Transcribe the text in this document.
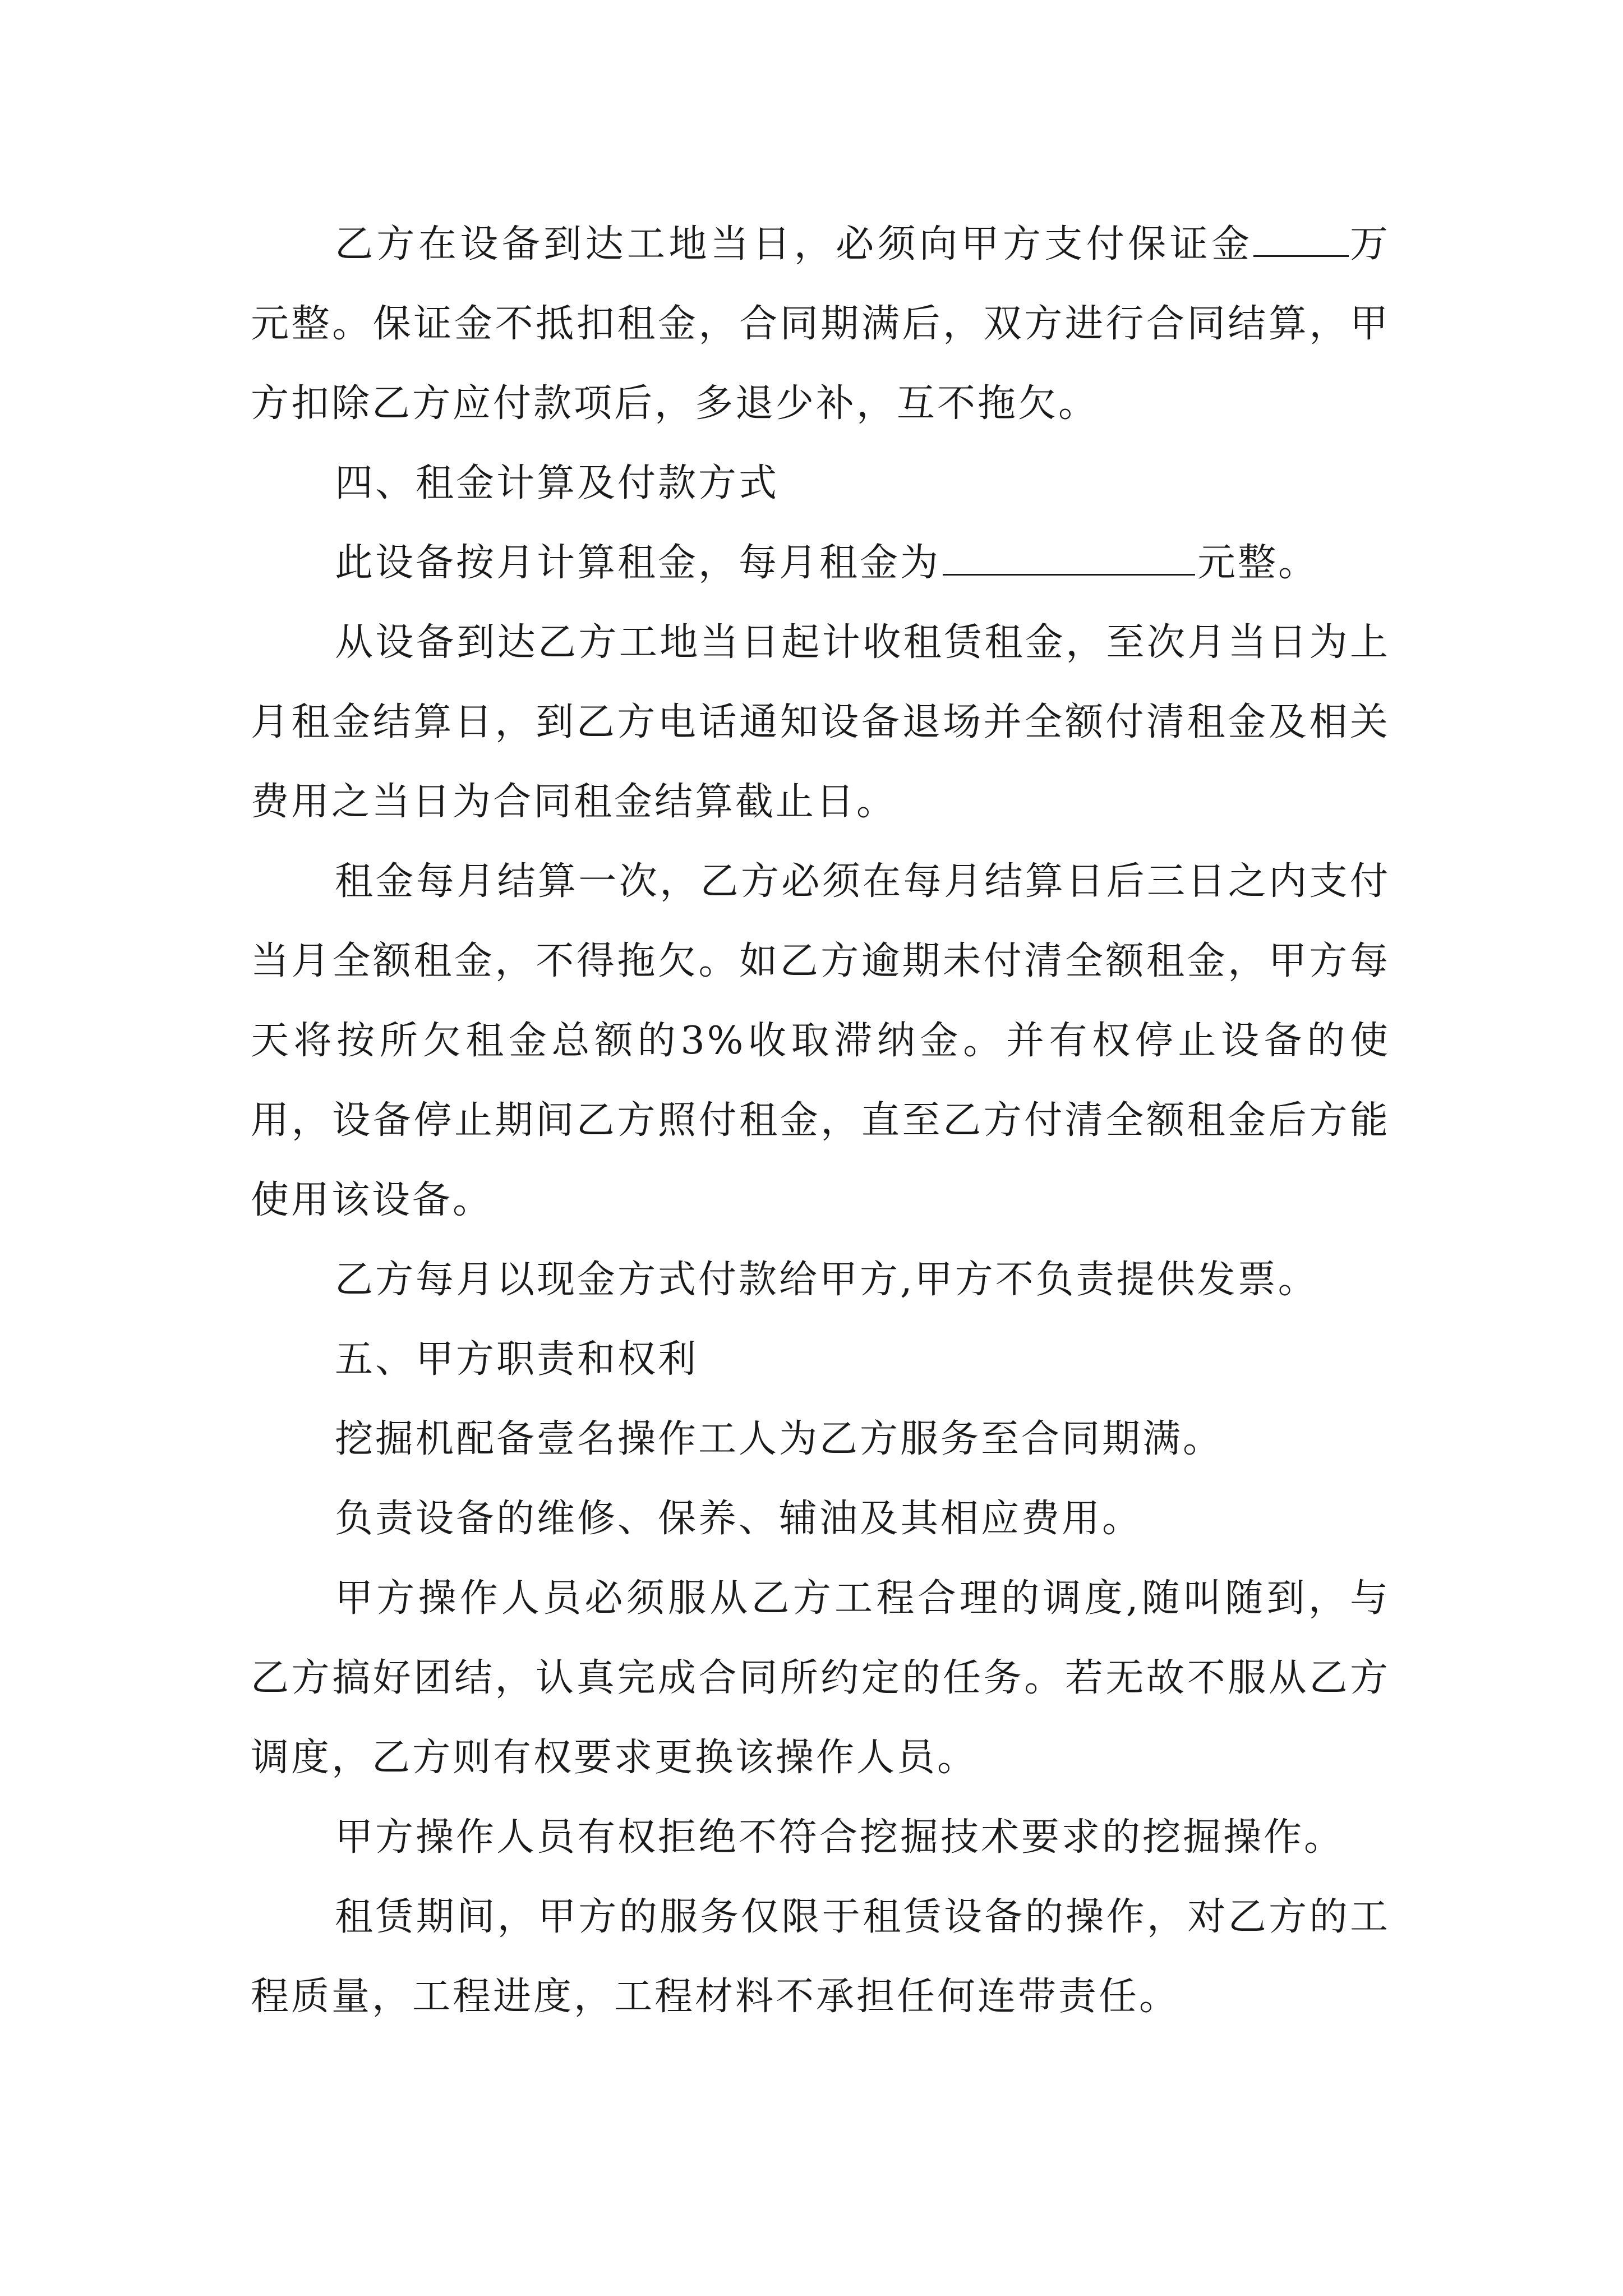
乙方在设备到达工地当日，必须向甲方支付保证金	万元整。保证金不抵扣租金，合同期满后，双方进行合同结算，甲方扣除乙方应付款项后，多退少补，互不拖欠。

四、租金计算及付款方式

此设备按月计算租金，每月租金为	元整。

从设备到达乙方工地当日起计收租赁租金，至次月当日为上月租金结算日，到乙方电话通知设备退场并全额付清租金及相关费用之当日为合同租金结算截止日。

租金每月结算一次，乙方必须在每月结算日后三日之内支付当月全额租金，不得拖欠。如乙方逾期未付清全额租金，甲方每天将按所欠租金总额的3%收取滞纳金。并有权停止设备的使用，设备停止期间乙方照付租金，直至乙方付清全额租金后方能使用该设备。

乙方每月以现金方式付款给甲方,甲方不负责提供发票。

五、甲方职责和权利

挖掘机配备壹名操作工人为乙方服务至合同期满。

负责设备的维修、保养、辅油及其相应费用。

甲方操作人员必须服从乙方工程合理的调度,随叫随到，与乙方搞好团结，认真完成合同所约定的任务。若无故不服从乙方调度，乙方则有权要求更换该操作人员。

甲方操作人员有权拒绝不符合挖掘技术要求的挖掘操作。

租赁期间，甲方的服务仅限于租赁设备的操作，对乙方的工程质量，工程进度，工程材料不承担任何连带责任。
